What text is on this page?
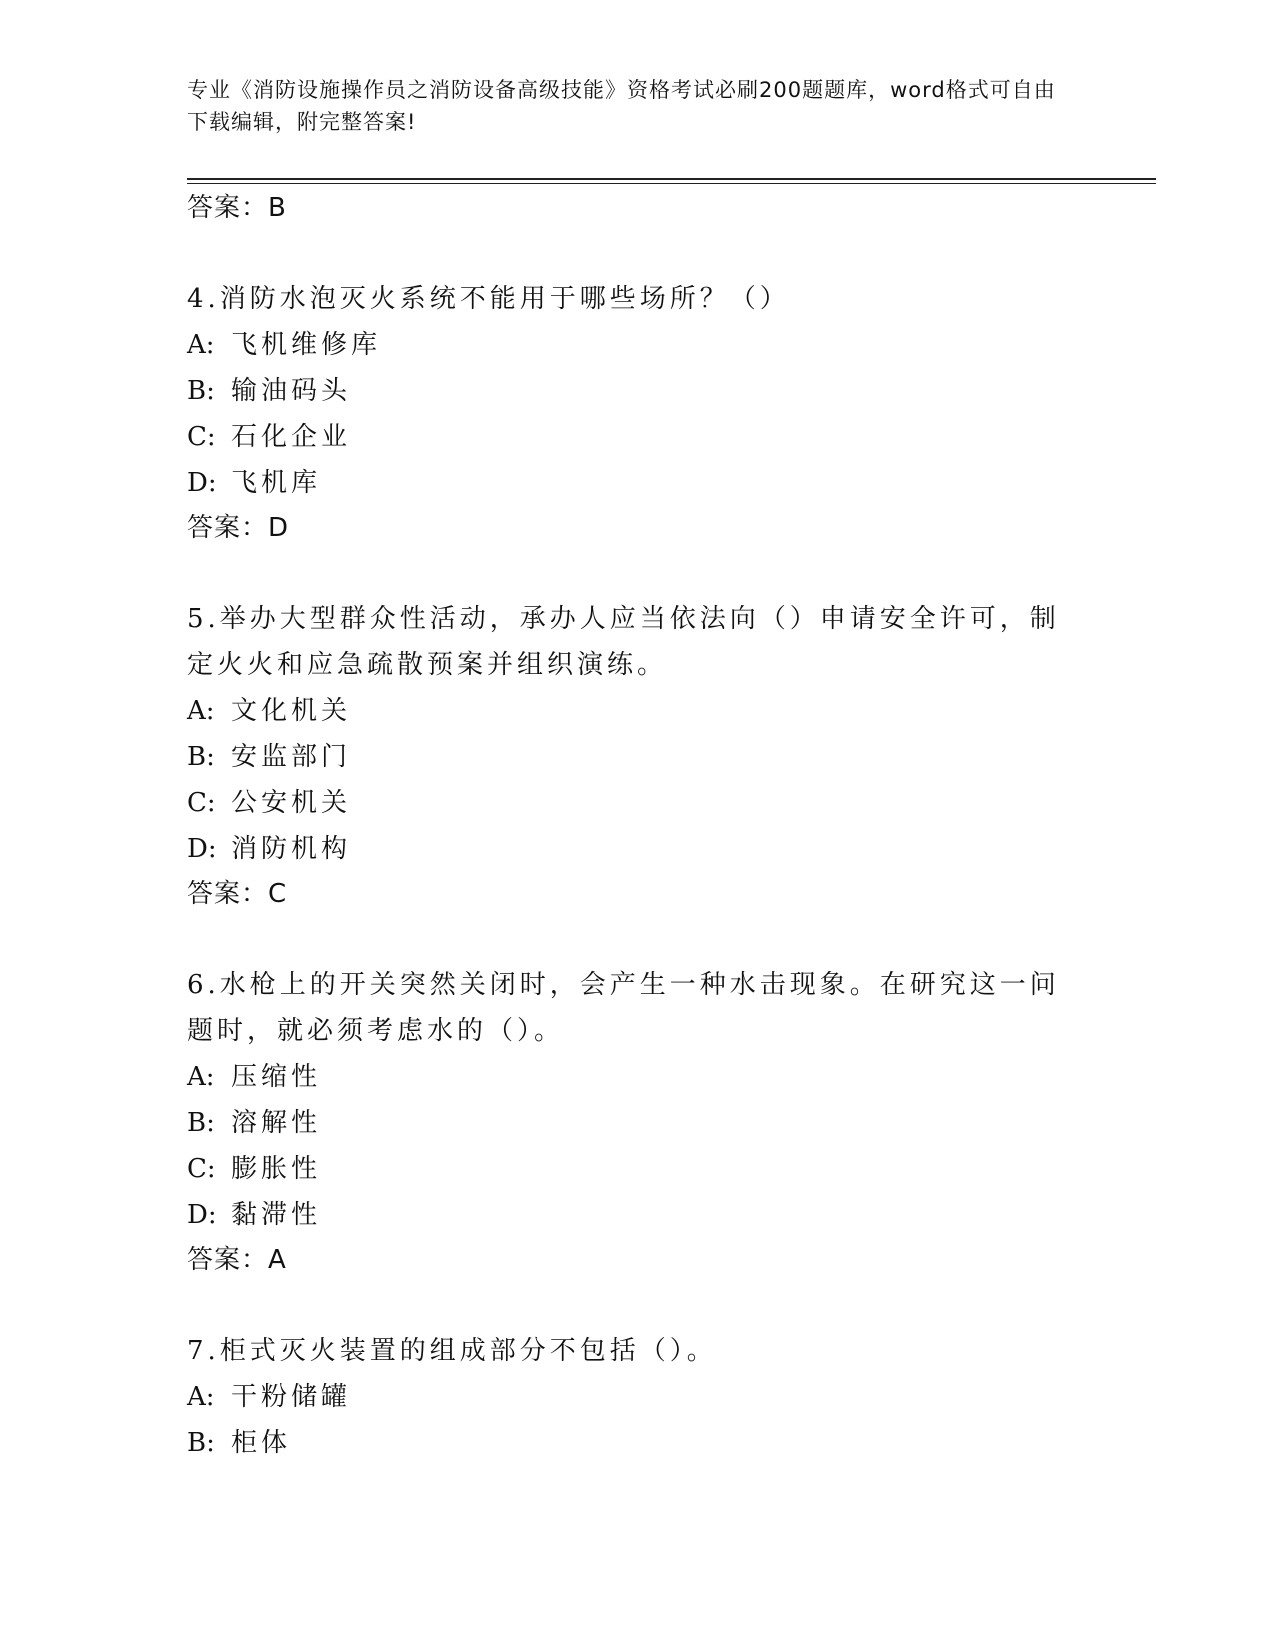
专业《消防设施操作员之消防设备高级技能》资格考试必刷200题题库，word格式可自由下载编辑，附完整答案!
答案：B
4.消防水泡灭火系统不能用于哪些场所？（）
A: 飞机维修库
B: 输油码头
C: 石化企业
D: 飞机库
答案：D
5.举办大型群众性活动，承办人应当依法向（）申请安全许可，制定火火和应急疏散预案并组织演练。
A: 文化机关
B: 安监部门
C: 公安机关
D: 消防机构
答案：C
6.水枪上的开关突然关闭时，会产生一种水击现象。在研究这一问题时，就必须考虑水的（）。
A: 压缩性
B: 溶解性
C: 膨胀性
D: 黏滞性
答案：A
7.柜式灭火装置的组成部分不包括（）。
A: 干粉储罐
B: 柜体
